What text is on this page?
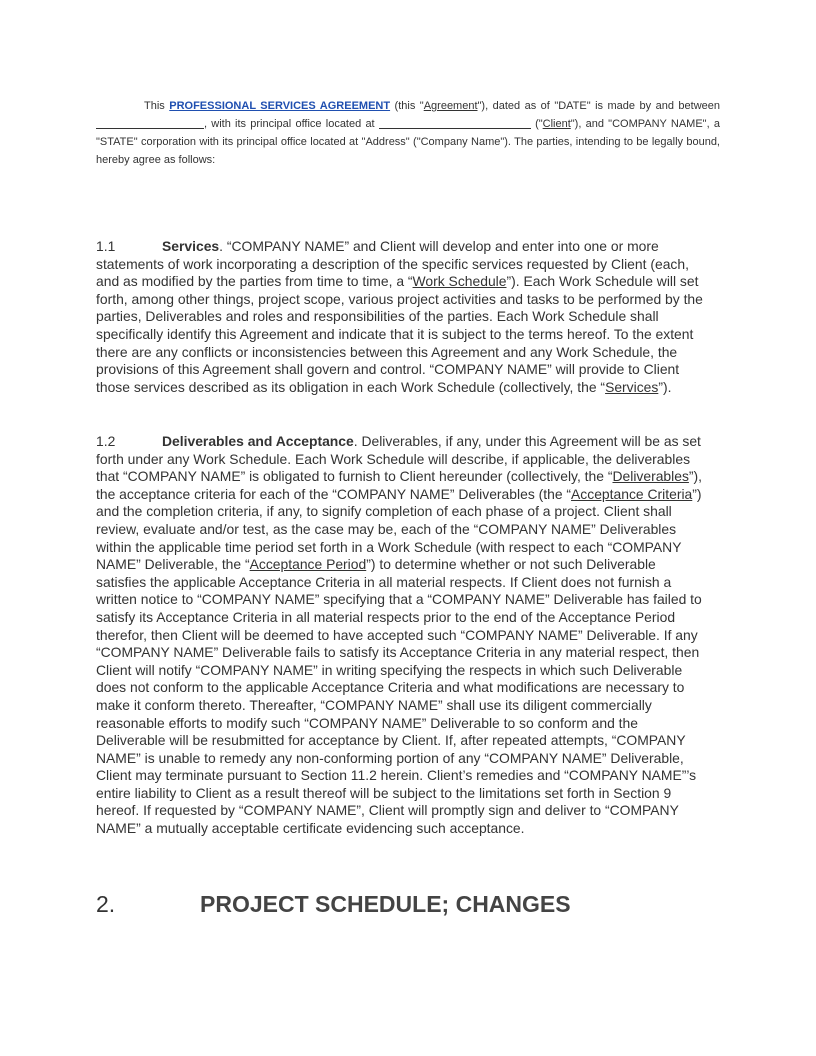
This PROFESSIONAL SERVICES AGREEMENT (this "Agreement"), dated as of "DATE" is made by and between , with its principal office located at	("Client"), and "COMPANY NAME", a "STATE" corporation with its principal office located at "Address" ("Company Name"). The parties, intending to be legally bound, hereby agree as follows:
1.1	Services. “COMPANY NAME” and Client will develop and enter into one or more statements of work incorporating a description of the specific services requested by Client (each, and as modified by the parties from time to time, a “Work Schedule”). Each Work Schedule will set forth, among other things, project scope, various project activities and tasks to be performed by the parties, Deliverables and roles and responsibilities of the parties. Each Work Schedule shall specifically identify this Agreement and indicate that it is subject to the terms hereof. To the extent there are any conflicts or inconsistencies between this Agreement and any Work Schedule, the provisions of this Agreement shall govern and control. “COMPANY NAME” will provide to Client those services described as its obligation in each Work Schedule (collectively, the “Services”).
1.2	Deliverables and Acceptance. Deliverables, if any, under this Agreement will be as set forth under any Work Schedule. Each Work Schedule will describe, if applicable, the deliverables that “COMPANY NAME” is obligated to furnish to Client hereunder (collectively, the “Deliverables”), the acceptance criteria for each of the “COMPANY NAME” Deliverables (the “Acceptance Criteria”) and the completion criteria, if any, to signify completion of each phase of a project. Client shall review, evaluate and/or test, as the case may be, each of the “COMPANY NAME” Deliverables within the applicable time period set forth in a Work Schedule (with respect to each “COMPANY NAME” Deliverable, the “Acceptance Period”) to determine whether or not such Deliverable satisfies the applicable Acceptance Criteria in all material respects. If Client does not furnish a written notice to “COMPANY NAME” specifying that a “COMPANY NAME” Deliverable has failed to satisfy its Acceptance Criteria in all material respects prior to the end of the Acceptance Period therefor, then Client will be deemed to have accepted such “COMPANY NAME” Deliverable. If any “COMPANY NAME” Deliverable fails to satisfy its Acceptance Criteria in any material respect, then Client will notify “COMPANY NAME” in writing specifying the respects in which such Deliverable does not conform to the applicable Acceptance Criteria and what modifications are necessary to make it conform thereto. Thereafter, “COMPANY NAME” shall use its diligent commercially reasonable efforts to modify such “COMPANY NAME” Deliverable to so conform and the Deliverable will be resubmitted for acceptance by Client. If, after repeated attempts, “COMPANY NAME” is unable to remedy any non-conforming portion of any “COMPANY NAME” Deliverable, Client may terminate pursuant to Section 11.2 herein. Client’s remedies and “COMPANY NAME”’s entire liability to Client as a result thereof will be subject to the limitations set forth in Section 9 hereof. If requested by “COMPANY NAME”, Client will promptly sign and deliver to “COMPANY NAME” a mutually acceptable certificate evidencing such acceptance.
2.	PROJECT SCHEDULE; CHANGES
